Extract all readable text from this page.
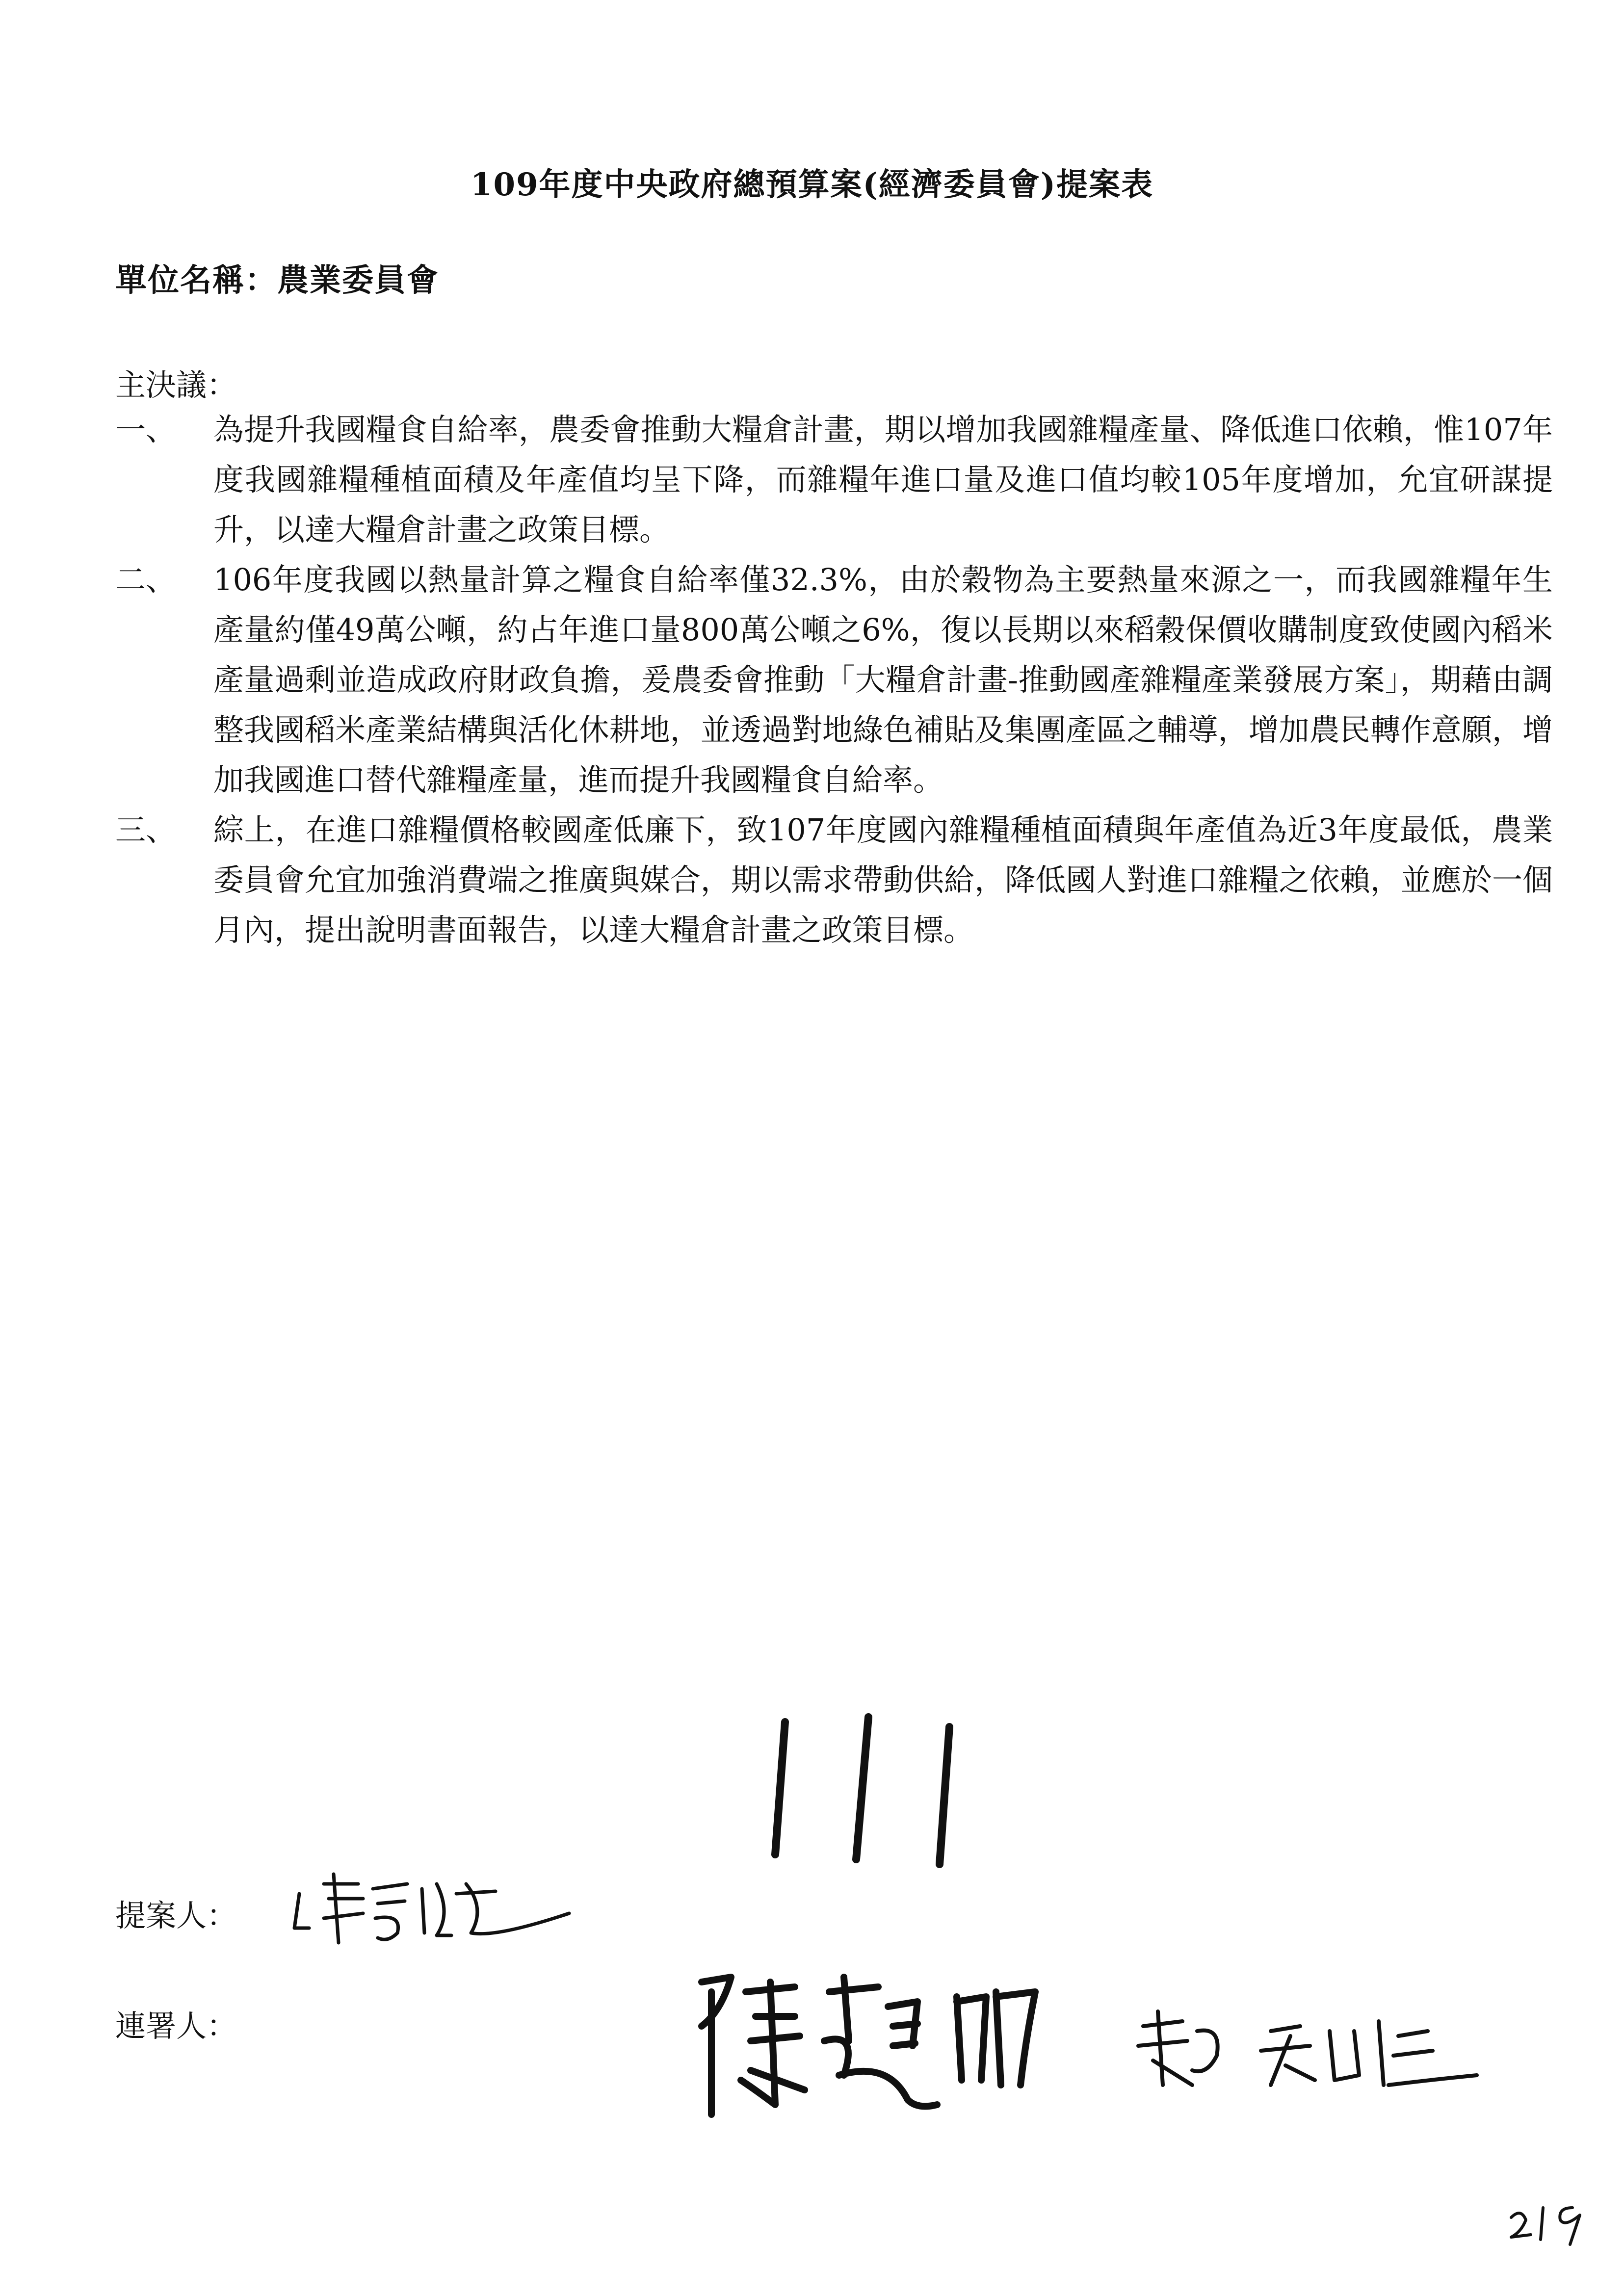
109年度中央政府總預算案(經濟委員會)提案表
單位名稱：農業委員會
主決議：
一、	為提升我國糧食自給率，農委會推動大糧倉計畫，期以增加我國雜糧產量、降低進口依賴，惟107年度我國雜糧種植面積及年產值均呈下降，而雜糧年進口量及進口值均較105年度增加，允宜研謀提升，以達大糧倉計畫之政策目標。
二、	106年度我國以熱量計算之糧食自給率僅32.3%，由於穀物為主要熱量來源之一，而我國雜糧年生產量約僅49萬公噸，約占年進口量800萬公噸之6%，復以長期以來稻穀保價收購制度致使國內稻米產量過剩並造成政府財政負擔，爰農委會推動「大糧倉計畫-推動國產雜糧產業發展方案」，期藉由調整我國稻米產業結構與活化休耕地，並透過對地綠色補貼及集團產區之輔導，增加農民轉作意願，增加我國進口替代雜糧產量，進而提升我國糧食自給率。
三、	綜上，在進口雜糧價格較國產低廉下，致107年度國內雜糧種植面積與年產值為近3年度最低，農業委員會允宜加強消費端之推廣與媒合，期以需求帶動供給，降低國人對進口雜糧之依賴，並應於一個月內，提出說明書面報告，以達大糧倉計畫之政策目標。
提案人：
連署人：
